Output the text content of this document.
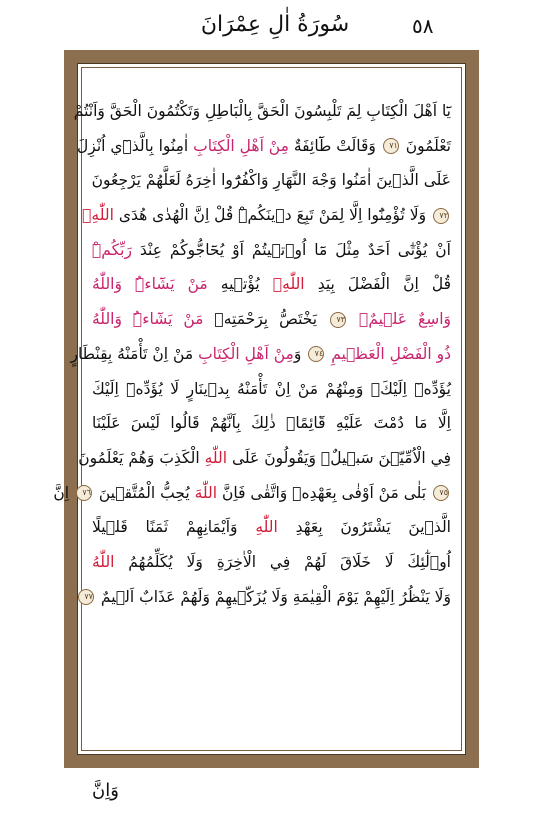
٥٨
سُورَةُ اٰلِ عِمْرَانَ
يَٓا اَهْلَ الْكِتَابِ لِمَ تَلْبِسُونَ الْحَقَّ بِالْبَاطِلِ وَتَكْتُمُونَ الْحَقَّ وَاَنْتُمْ
تَعْلَمُونَ ٧١ وَقَالَتْ طَٓائِفَةٌ مِنْ اَهْلِ الْكِتَابِ اٰمِنُوا بِالَّذ۪ٓي اُنْزِلَ
عَلَى الَّذ۪ينَ اٰمَنُوا وَجْهَ النَّهَارِ وَاكْفُرُٓوا اٰخِرَهُ لَعَلَّهُمْ يَرْجِعُونَ
٧٢ وَلَا تُؤْمِنُٓوا اِلَّا لِمَنْ تَبِعَ د۪ينَكُمْۜ قُلْ اِنَّ الْهُدٰى هُدَى اللّٰهِۙ
اَنْ يُؤْتٰٓى اَحَدٌ مِثْلَ مَٓا اُو۫ت۪يتُمْ اَوْ يُحَٓاجُّوكُمْ عِنْدَ رَبِّكُمْۜ
قُلْ اِنَّ الْفَضْلَ بِيَدِ اللّٰهِۚ يُؤْت۪يهِ مَنْ يَشَٓاءُۜ وَاللّٰهُ
وَاسِعٌ عَل۪يمٌۙ ٧٣ يَخْتَصُّ بِرَحْمَتِه۪ مَنْ يَشَٓاءُۜ وَاللّٰهُ
ذُو الْفَضْلِ الْعَظ۪يمِ ٧٤ وَمِنْ اَهْلِ الْكِتَابِ مَنْ اِنْ تَأْمَنْهُ بِقِنْطَارٍ
يُؤَدِّه۪ٓ اِلَيْكَۚ وَمِنْهُمْ مَنْ اِنْ تَأْمَنْهُ بِد۪ينَارٍ لَا يُؤَدِّه۪ٓ اِلَيْكَ
اِلَّا مَا دُمْتَ عَلَيْهِ قَٓائِمًاۜ ذٰلِكَ بِاَنَّهُمْ قَالُوا لَيْسَ عَلَيْنَا
فِي الْاُمِّيّ۪نَ سَب۪يلٌۚ وَيَقُولُونَ عَلَى اللّٰهِ الْكَذِبَ وَهُمْ يَعْلَمُونَ
٧٥ بَلٰى مَنْ اَوْفٰى بِعَهْدِه۪ وَاتَّقٰى فَاِنَّ اللّٰهَ يُحِبُّ الْمُتَّق۪ينَ ٧٦ اِنَّ
الَّذ۪ينَ يَشْتَرُونَ بِعَهْدِ اللّٰهِ وَاَيْمَانِهِمْ ثَمَنًا قَل۪يلًا
اُو۬لٰٓئِكَ لَا خَلَاقَ لَهُمْ فِي الْاٰخِرَةِ وَلَا يُكَلِّمُهُمُ اللّٰهُ
وَلَا يَنْظُرُ اِلَيْهِمْ يَوْمَ الْقِيٰمَةِ وَلَا يُزَكّ۪يهِمْ وَلَهُمْ عَذَابٌ اَل۪يمٌ ٧٧
وَاِنَّ
